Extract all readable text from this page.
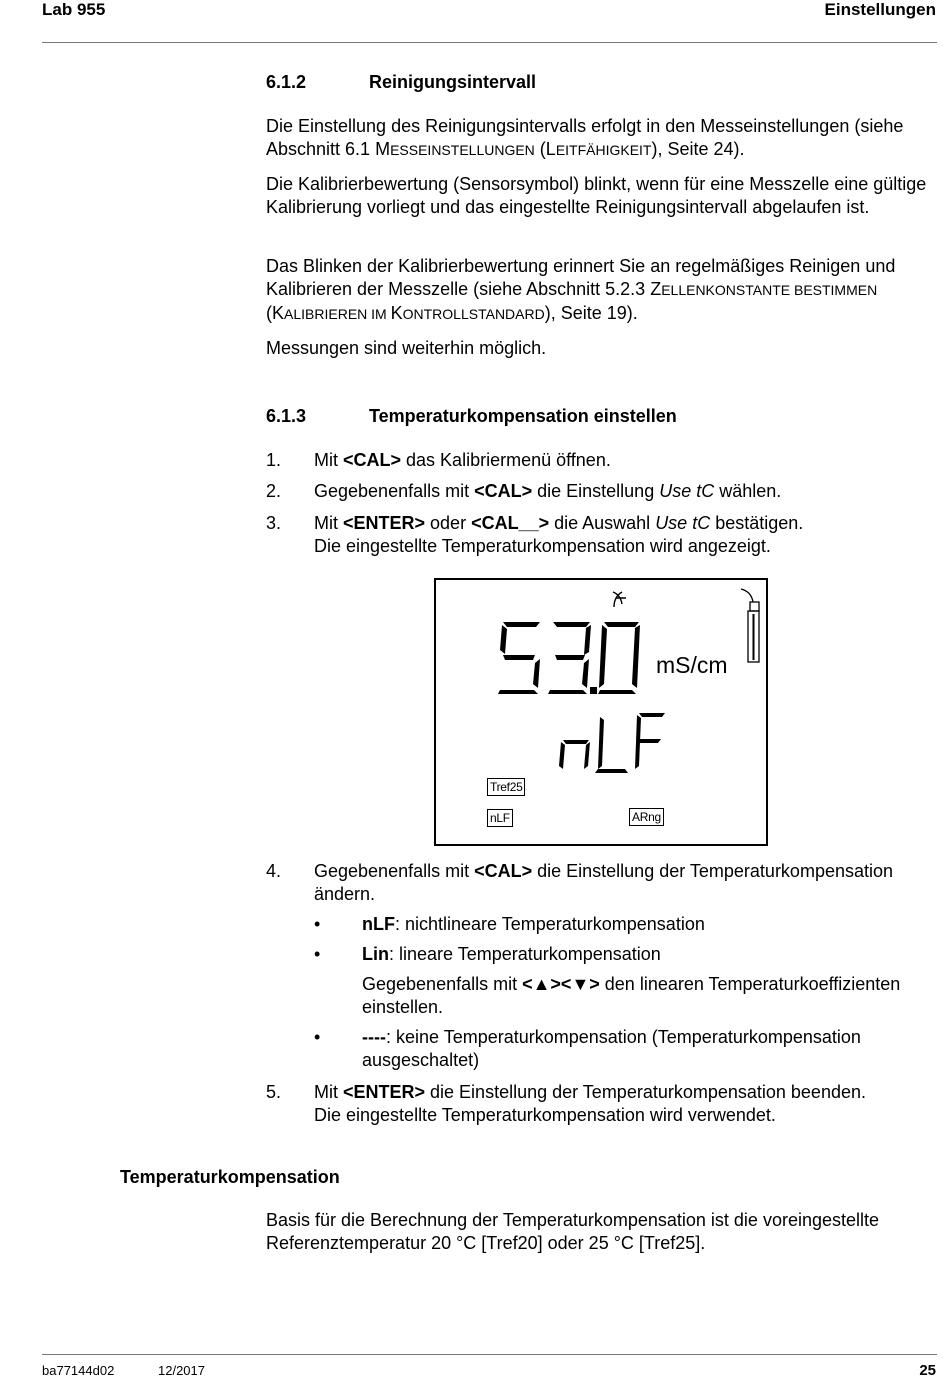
Lab 955	Einstellungen
6.1.2	Reinigungsintervall
Die Einstellung des Reinigungsintervalls erfolgt in den Messeinstellungen (siehe Abschnitt 6.1 MESSEINSTELLUNGEN (LEITFÄHIGKEIT), Seite 24).
Die Kalibrierbewertung (Sensorsymbol) blinkt, wenn für eine Messzelle eine gültige Kalibrierung vorliegt und das eingestellte Reinigungsintervall abgelaufen ist.
Das Blinken der Kalibrierbewertung erinnert Sie an regelmäßiges Reinigen und Kalibrieren der Messzelle (siehe Abschnitt 5.2.3 ZELLENKONSTANTE BESTIMMEN (KALIBRIEREN IM KONTROLLSTANDARD), Seite 19).
Messungen sind weiterhin möglich.
6.1.3	Temperaturkompensation einstellen
1. Mit <CAL> das Kalibriermenü öffnen.
2. Gegebenenfalls mit <CAL> die Einstellung Use tC wählen.
3. Mit <ENTER> oder <CAL__> die Auswahl Use tC bestätigen.
Die eingestellte Temperaturkompensation wird angezeigt.
mS/cm
Tref25
nLF	ARng
4. Gegebenenfalls mit <CAL> die Einstellung der Temperaturkompensation ändern.
• nLF: nichtlineare Temperaturkompensation
• Lin: lineare Temperaturkompensation
Gegebenenfalls mit <▲><▼> den linearen Temperaturkoeffizienten einstellen.
• ----: keine Temperaturkompensation (Temperaturkompensation ausgeschaltet)
5. Mit <ENTER> die Einstellung der Temperaturkompensation beenden.
Die eingestellte Temperaturkompensation wird verwendet.
Temperaturkompensation
Basis für die Berechnung der Temperaturkompensation ist die voreingestellte Referenztemperatur 20 °C [Tref20] oder 25 °C [Tref25].
ba77144d02	12/2017	25
